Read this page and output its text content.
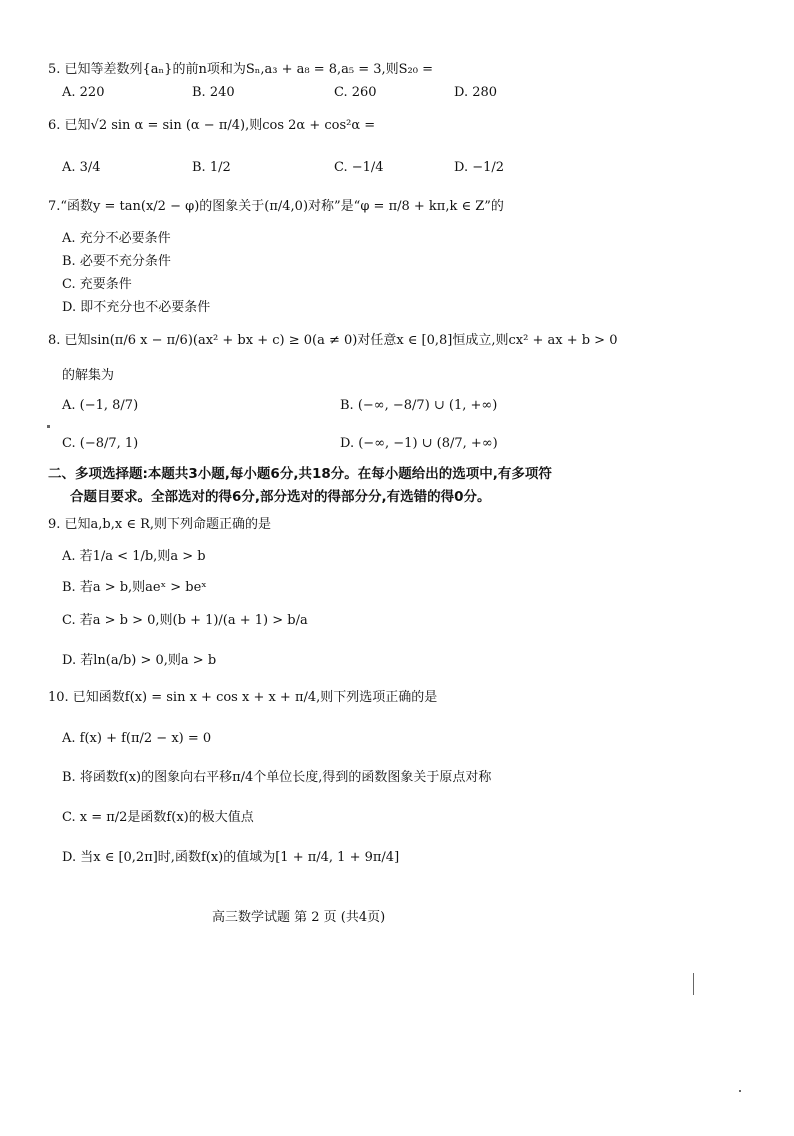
5. 已知等差数列{aₙ}的前n项和为Sₙ,a₃ + a₈ = 8,a₅ = 3,则S₂₀ =
A. 220	B. 240	C. 260	D. 280
6. 已知√2 sin α = sin (α − π/4),则cos 2α + cos²α =
A. 3/4	B. 1/2	C. −1/4	D. −1/2
7.“函数y = tan(x/2 − φ)的图象关于(π/4,0)对称”是“φ = π/8 + kπ,k ∈ Z”的
A. 充分不必要条件
B. 必要不充分条件
C. 充要条件
D. 即不充分也不必要条件
8. 已知sin(π/6 x − π/6)(ax² + bx + c) ≥ 0(a ≠ 0)对任意x ∈ [0,8]恒成立,则cx² + ax + b > 0
的解集为
A. (−1, 8/7)	B. (−∞, −8/7) ∪ (1, +∞)
C. (−8/7, 1)	D. (−∞, −1) ∪ (8/7, +∞)
二、多项选择题:本题共3小题,每小题6分,共18分。在每小题给出的选项中,有多项符
合题目要求。全部选对的得6分,部分选对的得部分分,有选错的得0分。
9. 已知a,b,x ∈ R,则下列命题正确的是
A. 若1/a < 1/b,则a > b
B. 若a > b,则aeˣ > beˣ
C. 若a > b > 0,则(b + 1)/(a + 1) > b/a
D. 若ln(a/b) > 0,则a > b
10. 已知函数f(x) = sin x + cos x + x + π/4,则下列选项正确的是
A. f(x) + f(π/2 − x) = 0
B. 将函数f(x)的图象向右平移π/4个单位长度,得到的函数图象关于原点对称
C. x = π/2是函数f(x)的极大值点
D. 当x ∈ [0,2π]时,函数f(x)的值域为[1 + π/4, 1 + 9π/4]
高三数学试题 第 2 页 (共4页)
